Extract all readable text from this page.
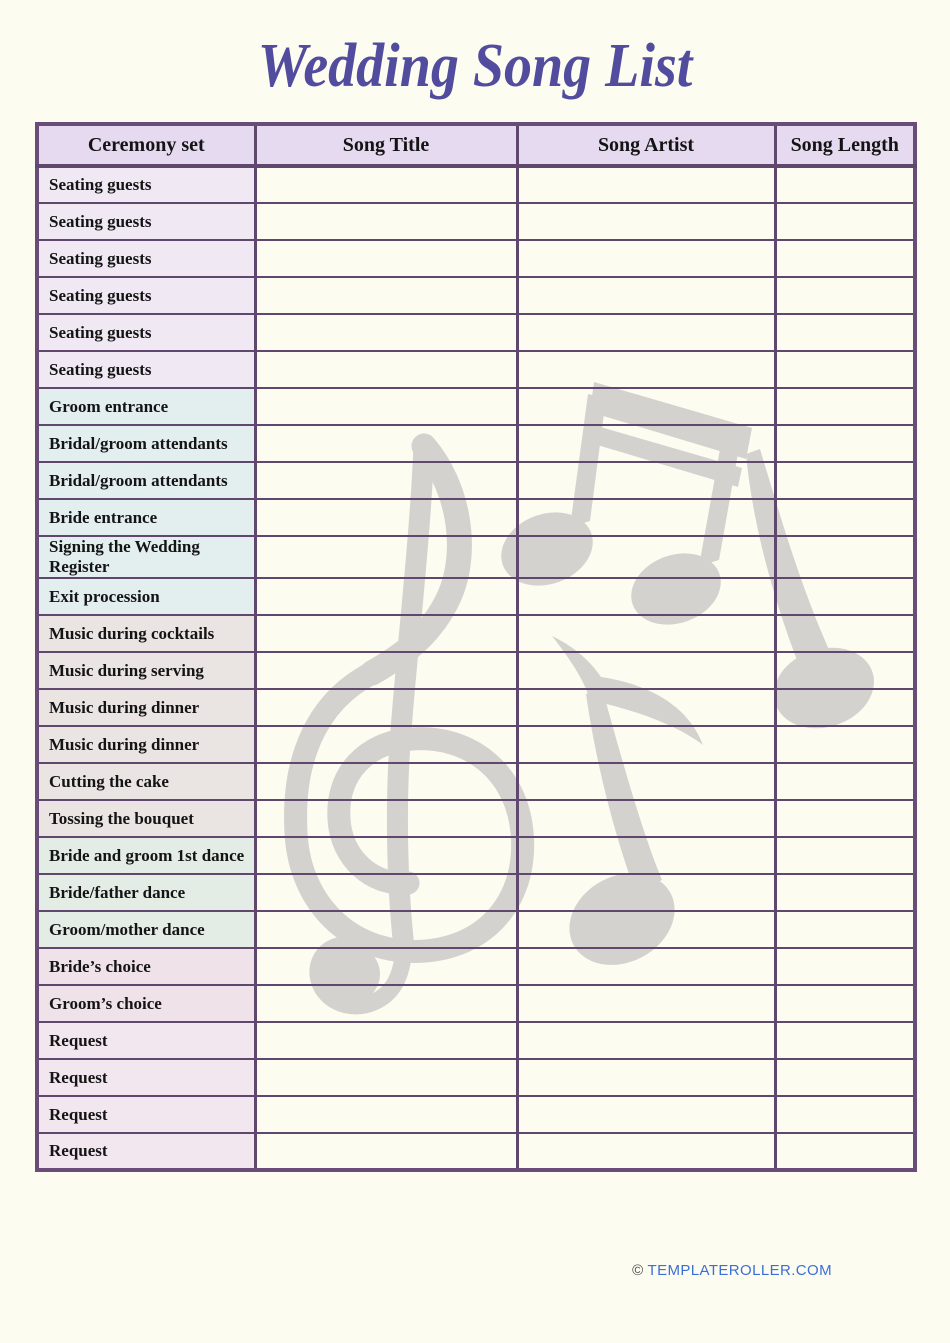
Wedding Song List
Ceremony set	Song Title	Song Artist	Song Length
Seating guests			
Seating guests			
Seating guests			
Seating guests			
Seating guests			
Seating guests			
Groom entrance			
Bridal/groom attendants			
Bridal/groom attendants			
Bride entrance			
Signing the Wedding Register			
Exit procession			
Music during cocktails			
Music during serving			
Music during dinner			
Music during dinner			
Cutting the cake			
Tossing the bouquet			
Bride and groom 1st dance			
Bride/father dance			
Groom/mother dance			
Bride’s choice			
Groom’s choice			
Request			
Request			
Request			
Request			
© TEMPLATEROLLER.COM
